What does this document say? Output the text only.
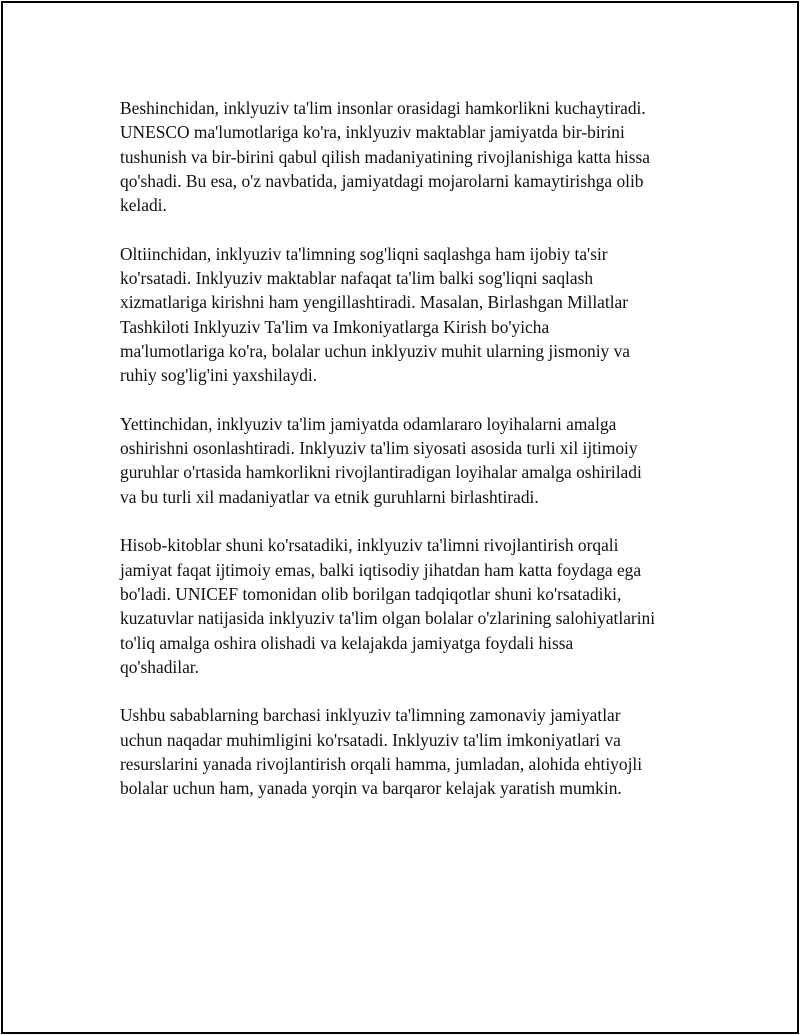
Beshinchidan, inklyuziv ta'lim insonlar orasidagi hamkorlikni kuchaytiradi.
UNESCO ma'lumotlariga ko'ra, inklyuziv maktablar jamiyatda bir-birini
tushunish va bir-birini qabul qilish madaniyatining rivojlanishiga katta hissa
qo'shadi. Bu esa, o'z navbatida, jamiyatdagi mojarolarni kamaytirishga olib
keladi.

Oltiinchidan, inklyuziv ta'limning sog'liqni saqlashga ham ijobiy ta'sir
ko'rsatadi. Inklyuziv maktablar nafaqat ta'lim balki sog'liqni saqlash
xizmatlariga kirishni ham yengillashtiradi. Masalan, Birlashgan Millatlar
Tashkiloti Inklyuziv Ta'lim va Imkoniyatlarga Kirish bo'yicha
ma'lumotlariga ko'ra, bolalar uchun inklyuziv muhit ularning jismoniy va
ruhiy sog'lig'ini yaxshilaydi.

Yettinchidan, inklyuziv ta'lim jamiyatda odamlararo loyihalarni amalga
oshirishni osonlashtiradi. Inklyuziv ta'lim siyosati asosida turli xil ijtimoiy
guruhlar o'rtasida hamkorlikni rivojlantiradigan loyihalar amalga oshiriladi
va bu turli xil madaniyatlar va etnik guruhlarni birlashtiradi.

Hisob-kitoblar shuni ko'rsatadiki, inklyuziv ta'limni rivojlantirish orqali
jamiyat faqat ijtimoiy emas, balki iqtisodiy jihatdan ham katta foydaga ega
bo'ladi. UNICEF tomonidan olib borilgan tadqiqotlar shuni ko'rsatadiki,
kuzatuvlar natijasida inklyuziv ta'lim olgan bolalar o'zlarining salohiyatlarini
to'liq amalga oshira olishadi va kelajakda jamiyatga foydali hissa
qo'shadilar.

Ushbu sabablarning barchasi inklyuziv ta'limning zamonaviy jamiyatlar
uchun naqadar muhimligini ko'rsatadi. Inklyuziv ta'lim imkoniyatlari va
resurslarini yanada rivojlantirish orqali hamma, jumladan, alohida ehtiyojli
bolalar uchun ham, yanada yorqin va barqaror kelajak yaratish mumkin.
